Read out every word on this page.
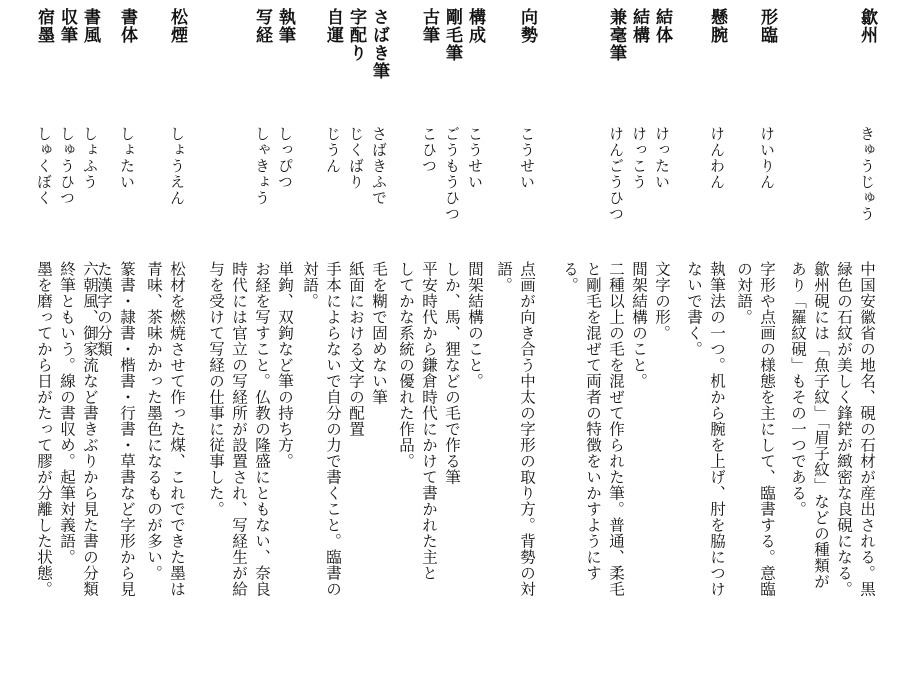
歙州
きゅうじゅう
中国安徽省の地名、硯の石材が産出される。黒
緑色の石紋が美しく鋒鋩が緻密な良硯になる。
歙州硯には「魚子紋」「眉子紋」などの種類が
あり「羅紋硯」もその一つである。
形臨
けいりん
字形や点画の様態を主にして、臨書する。意臨
の対語。
懸腕
けんわん
執筆法の一つ。机から腕を上げ、肘を脇につけ
ないで書く。
結体
結構
兼毫筆
けったい
けっこう
けんごうひつ
文字の形。
間架結構のこと。
二種以上の毛を混ぜて作られた筆。普通、柔毛
と剛毛を混ぜて両者の特徴をいかすようにす
る。
向勢
こうせい
点画が向き合う中太の字形の取り方。背勢の対
語。
構成
剛毛筆
古筆
こうせい
ごうもうひつ
こひつ
間架結構のこと。
しか、馬、狸などの毛で作る筆
平安時代から鎌倉時代にかけて書かれた主と
してかな系統の優れた作品。
さばき筆
字配り
自運
さばきふで
じくばり
じうん
毛を糊で固めない筆
紙面における文字の配置
手本によらないで自分の力で書くこと。臨書の
対語。
執筆
写経
しっぴつ
しゃきょう
単鉤、双鉤など筆の持ち方。
お経を写すこと。仏教の隆盛にともない、奈良
時代には官立の写経所が設置され、写経生が給
与を受けて写経の仕事に従事した。
松煙
しょうえん
松材を燃焼させて作った煤、これでできた墨は
青味、茶味かかった墨色になるものが多い。
書体
しょたい
篆書・隷書・楷書・行書・草書など字形から見
た漢字の分類
書風
収筆
宿墨
しょふう
しゅうひつ
しゅくぼく
六朝風、御家流など書きぶりから見た書の分類
終筆ともいう。線の書収め。起筆対義語。
墨を磨ってから日がたって膠が分離した状態。
